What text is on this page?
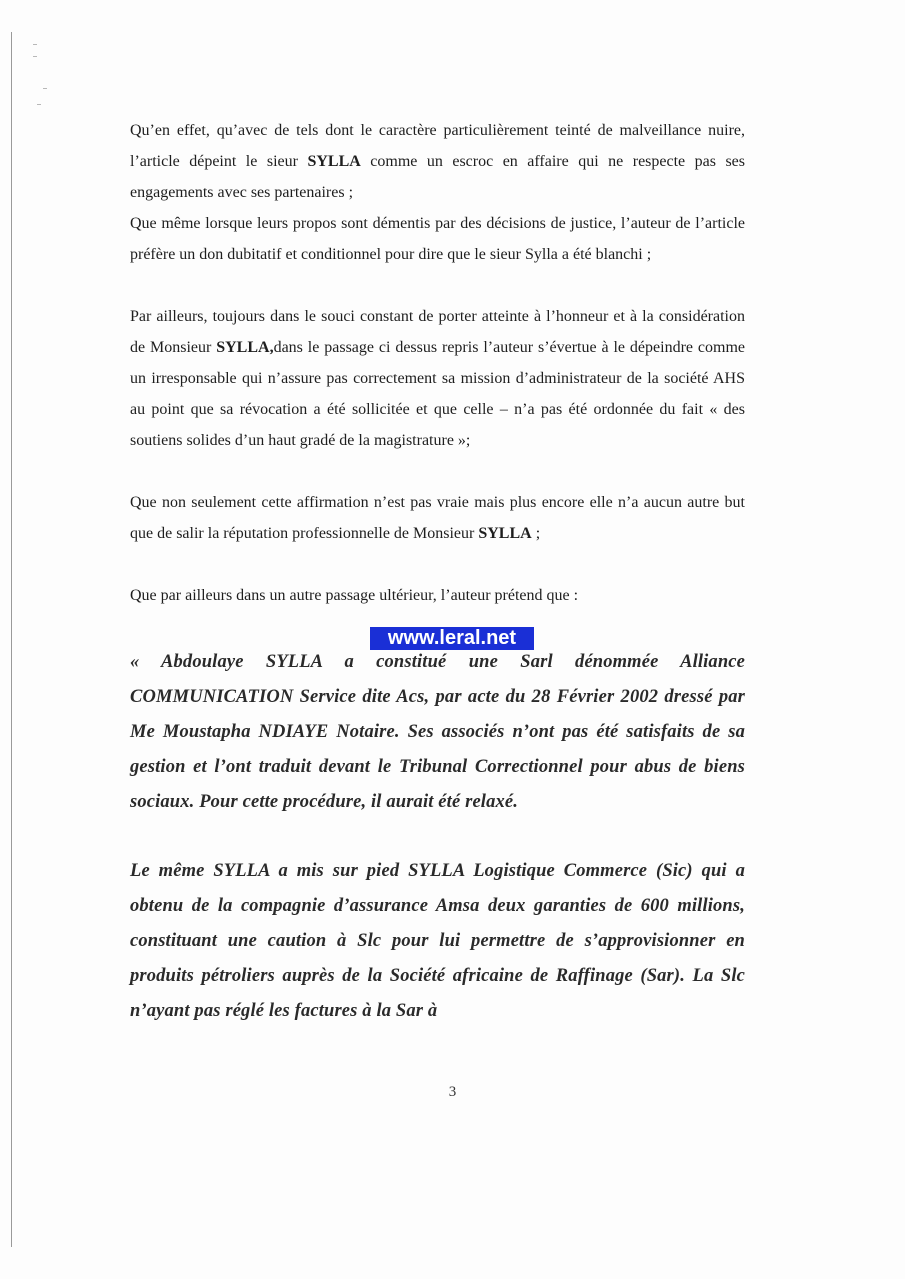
Qu’en effet, qu’avec de tels dont le caractère particulièrement teinté de malveillance nuire, l’article dépeint le sieur SYLLA comme un escroc en affaire qui ne respecte pas ses engagements avec ses partenaires ;

Que même lorsque leurs propos sont démentis par des décisions de justice, l’auteur de l’article préfère un don dubitatif et conditionnel pour dire que le sieur Sylla a été blanchi ;

Par ailleurs, toujours dans le souci constant de porter atteinte à l’honneur et à la considération de Monsieur SYLLA,dans le passage ci dessus repris l’auteur s’évertue à le dépeindre comme un irresponsable qui n’assure pas correctement sa mission d’administrateur de la société AHS au point que sa révocation a été sollicitée et que celle – n’a pas été ordonnée du fait « des soutiens solides d’un haut gradé de la magistrature »;

Que non seulement cette affirmation n’est pas vraie mais plus encore elle n’a aucun autre but que de salir la réputation professionnelle de Monsieur SYLLA ;

Que par ailleurs dans un autre passage ultérieur, l’auteur prétend que :

« Abdoulaye SYLLA a constitué une Sarl dénommée Alliance COMMUNICATION Service dite Acs, par acte du 28 Février 2002 dressé par Me Moustapha NDIAYE Notaire. Ses associés n’ont pas été satisfaits de sa gestion et l’ont traduit devant le Tribunal Correctionnel pour abus de biens sociaux. Pour cette procédure, il aurait été relaxé.

Le même SYLLA a mis sur pied SYLLA Logistique Commerce (Sic) qui a obtenu de la compagnie d’assurance Amsa deux garanties de 600 millions, constituant une caution à Slc pour lui permettre de s’approvisionner en produits pétroliers auprès de la Société africaine de Raffinage (Sar). La Slc n’ayant pas réglé les factures à la Sar à

www.leral.net
3
